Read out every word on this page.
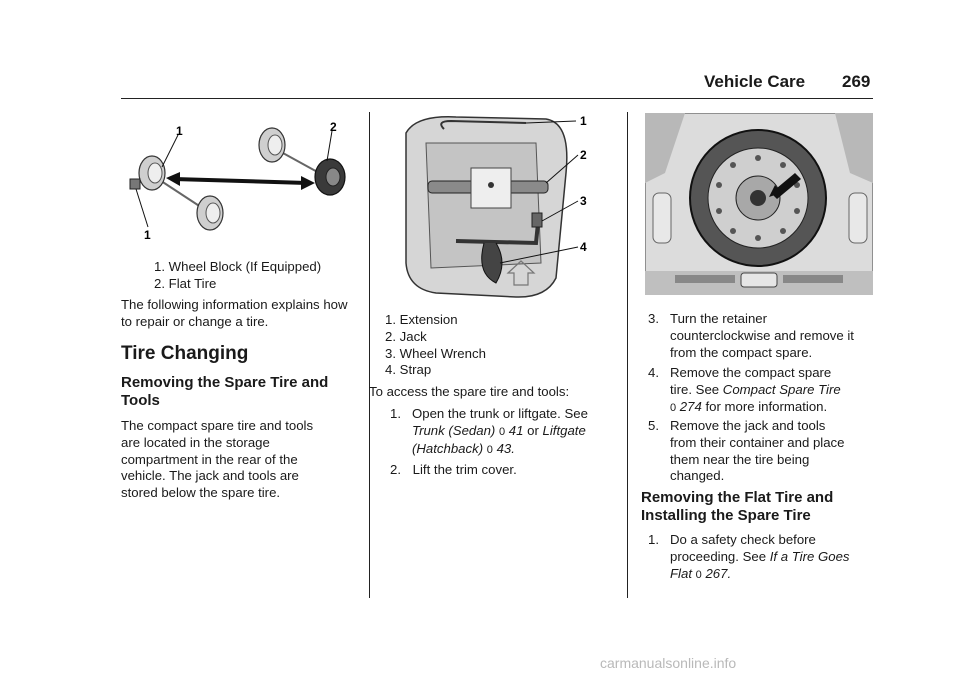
Vehicle Care 269
1	2
1

1. Wheel Block (If Equipped)

2. Flat Tire

The following information explains how to repair or change a tire.
Tire Changing
Removing the Spare Tire and
Tools

The compact spare tire and tools

are located in the storage

compartment in the rear of the

vehicle. The jack and tools are

stored below the spare tire.

1
2
3
4

1. Extension

2. Jack

3. Wheel Wrench

4. Strap

To access the spare tire and tools:
1. Open the trunk or liftgate. See

Trunk (Sedan) 0 41 or Liftgate

(Hatchback) 0 43.

2. Lift the trim cover.
3. Turn the retainer

counterclockwise and remove it

from the compact spare.

4. Remove the compact spare

tire. See Compact Spare Tire

0 274 for more information.

5. Remove the jack and tools

from their container and place

them near the tire being

changed.

Removing the Flat Tire and
Installing the Spare Tire
1. Do a safety check before

proceeding. See If a Tire Goes

Flat 0 267.

carmanualsonline.info
